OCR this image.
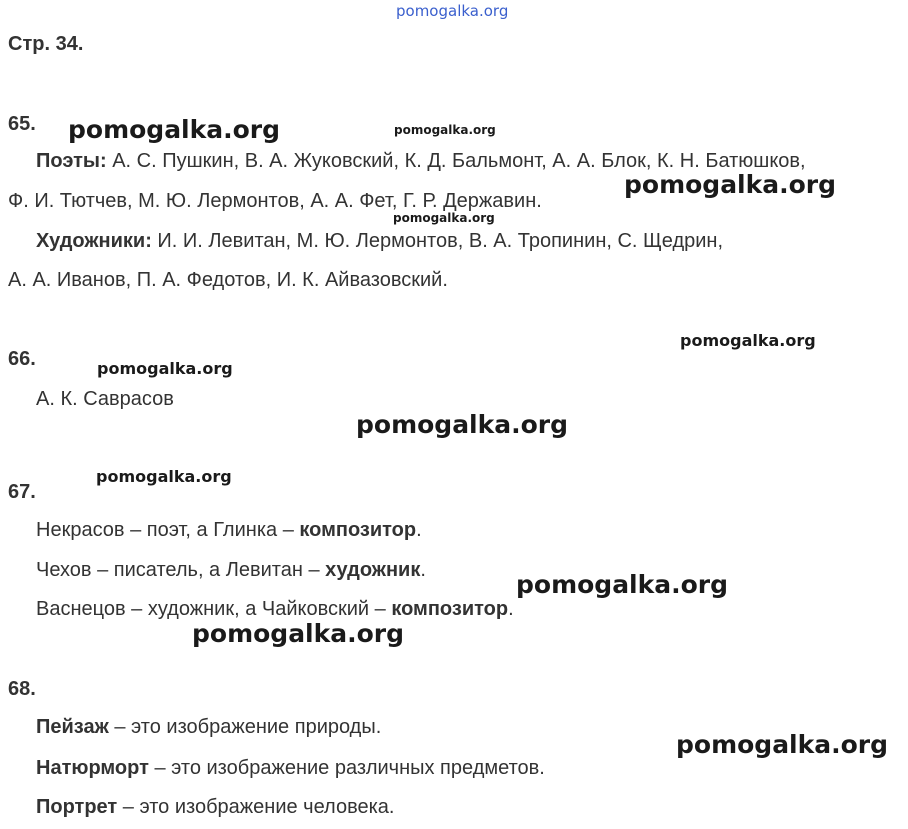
pomogalka.org
Стр. 34.
65.
Поэты: А. С. Пушкин, В. А. Жуковский, К. Д. Бальмонт, А. А. Блок, К. Н. Батюшков,
Ф. И. Тютчев, М. Ю. Лермонтов, А. А. Фет, Г. Р. Державин.
Художники: И. И. Левитан, М. Ю. Лермонтов, В. А. Тропинин, С. Щедрин,
А. А. Иванов, П. А. Федотов, И. К. Айвазовский.
66.
А. К. Саврасов
67.
Некрасов – поэт, а Глинка – композитор.
Чехов – писатель, а Левитан – художник.
Васнецов – художник, а Чайковский – композитор.
68.
Пейзаж – это изображение природы.
Натюрморт – это изображение различных предметов.
Портрет – это изображение человека.
pomogalka.org	pomogalka.org
pomogalka.org
pomogalka.org
pomogalka.org
pomogalka.org
pomogalka.org
pomogalka.org
pomogalka.org
pomogalka.org
pomogalka.org
